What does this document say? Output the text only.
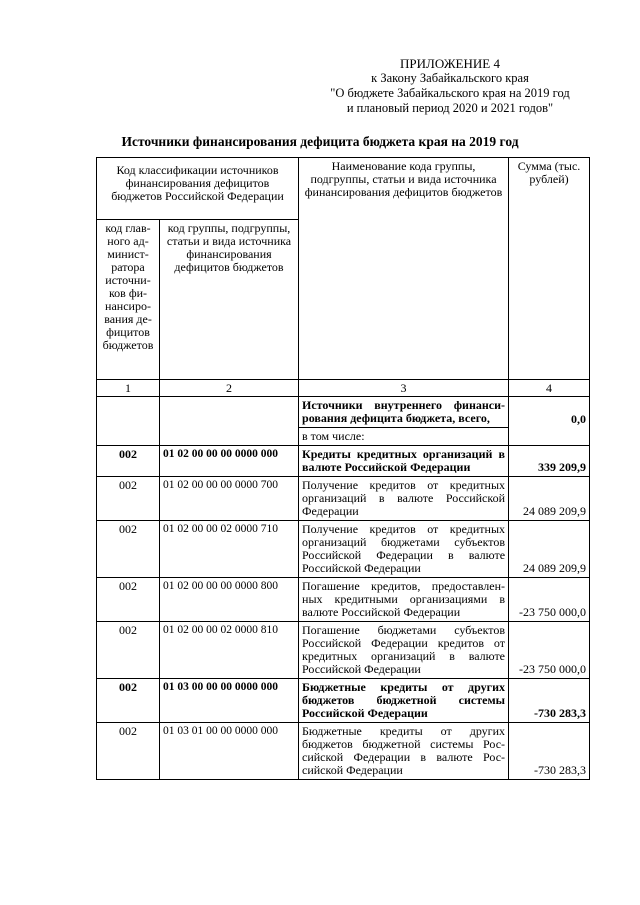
ПРИЛОЖЕНИЕ 4
к Закону Забайкальского края
"О бюджете Забайкальского края на 2019 год
и плановый период 2020 и 2021 годов"
Источники финансирования дефицита бюджета края на 2019 год
Код классификации источников финансирования дефицитов бюджетов Российской Федерации		Наименование кода группы, подгруппы, статьи и вида источника финансирования дефицитов бюджетов	Сумма (тыс. рублей)
код глав-ного ад-минист-ратора источни-ков фи-нансиро-вания де-фицитов бюджетов	код группы, подгруппы, статьи и вида источника финансирования дефицитов бюджетов		
1	2	3	4
		Источники внутреннего финанси-рования дефицита бюджета, всего,	0,0
		в том числе:	
002	01 02 00 00 00 0000 000	Кредиты кредитных организаций в валюте Российской Федерации	339 209,9
002	01 02 00 00 00 0000 700	Получение кредитов от кредитных организаций в валюте Российской Федерации	24 089 209,9
002	01 02 00 00 02 0000 710	Получение кредитов от кредитных организаций бюджетами субъектов Российской Федерации в валюте Российской Федерации	24 089 209,9
002	01 02 00 00 00 0000 800	Погашение кредитов, предоставлен-ных кредитными организациями в валюте Российской Федерации	-23 750 000,0
002	01 02 00 00 02 0000 810	Погашение бюджетами субъектов Российской Федерации кредитов от кредитных организаций в валюте Российской Федерации	-23 750 000,0
002	01 03 00 00 00 0000 000	Бюджетные кредиты от других бюджетов бюджетной системы Российской Федерации	-730 283,3
002	01 03 01 00 00 0000 000	Бюджетные кредиты от других бюджетов бюджетной системы Рос-сийской Федерации в валюте Рос-сийской Федерации	-730 283,3
